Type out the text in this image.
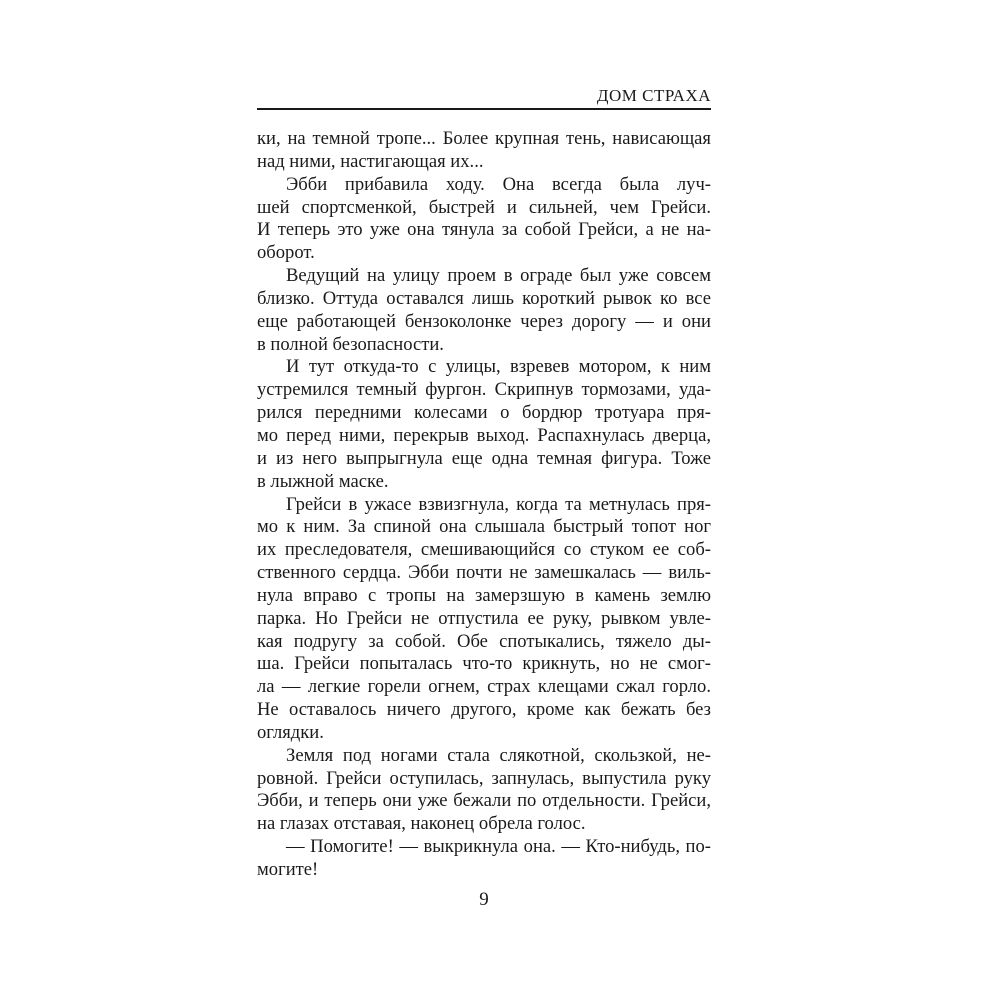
ДОМ СТРАХА
ки, на темной тропе... Более крупная тень, нависающая
над ними, настигающая их...
Эбби прибавила ходу. Она всегда была луч-
шей спортсменкой, быстрей и сильней, чем Грейси.
И теперь это уже она тянула за собой Грейси, а не на-
оборот.
Ведущий на улицу проем в ограде был уже совсем
близко. Оттуда оставался лишь короткий рывок ко все
еще работающей бензоколонке через дорогу — и они
в полной безопасности.
И тут откуда-то с улицы, взревев мотором, к ним
устремился темный фургон. Скрипнув тормозами, уда-
рился передними колесами о бордюр тротуара пря-
мо перед ними, перекрыв выход. Распахнулась дверца,
и из него выпрыгнула еще одна темная фигура. Тоже
в лыжной маске.
Грейси в ужасе взвизгнула, когда та метнулась пря-
мо к ним. За спиной она слышала быстрый топот ног
их преследователя, смешивающийся со стуком ее соб-
ственного сердца. Эбби почти не замешкалась — виль-
нула вправо с тропы на замерзшую в камень землю
парка. Но Грейси не отпустила ее руку, рывком увле-
кая подругу за собой. Обе спотыкались, тяжело ды-
ша. Грейси попыталась что-то крикнуть, но не смог-
ла — легкие горели огнем, страх клещами сжал горло.
Не оставалось ничего другого, кроме как бежать без
оглядки.
Земля под ногами стала слякотной, скользкой, не-
ровной. Грейси оступилась, запнулась, выпустила руку
Эбби, и теперь они уже бежали по отдельности. Грейси,
на глазах отставая, наконец обрела голос.
— Помогите! — выкрикнула она. — Кто-нибудь, по-
могите!
9
